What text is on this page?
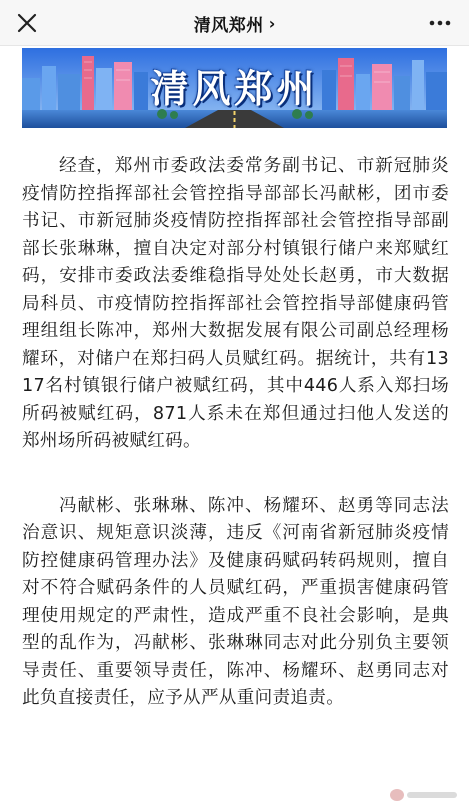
清风郑州 ›
清风郑州

经查，郑州市委政法委常务副书记、市新冠肺炎疫情防控指挥部社会管控指导部部长冯献彬，团市委书记、市新冠肺炎疫情防控指挥部社会管控指导部副部长张琳琳，擅自决定对部分村镇银行储户来郑赋红码，安排市委政法委维稳指导处处长赵勇，市大数据局科员、市疫情防控指挥部社会管控指导部健康码管理组组长陈冲，郑州大数据发展有限公司副总经理杨耀环，对储户在郑扫码人员赋红码。据统计，共有1317名村镇银行储户被赋红码，其中446人系入郑扫场所码被赋红码，871人系未在郑但通过扫他人发送的郑州场所码被赋红码。

冯献彬、张琳琳、陈冲、杨耀环、赵勇等同志法治意识、规矩意识淡薄，违反《河南省新冠肺炎疫情防控健康码管理办法》及健康码赋码转码规则，擅自对不符合赋码条件的人员赋红码，严重损害健康码管理使用规定的严肃性，造成严重不良社会影响，是典型的乱作为，冯献彬、张琳琳同志对此分别负主要领导责任、重要领导责任，陈冲、杨耀环、赵勇同志对此负直接责任，应予从严从重问责追责。
